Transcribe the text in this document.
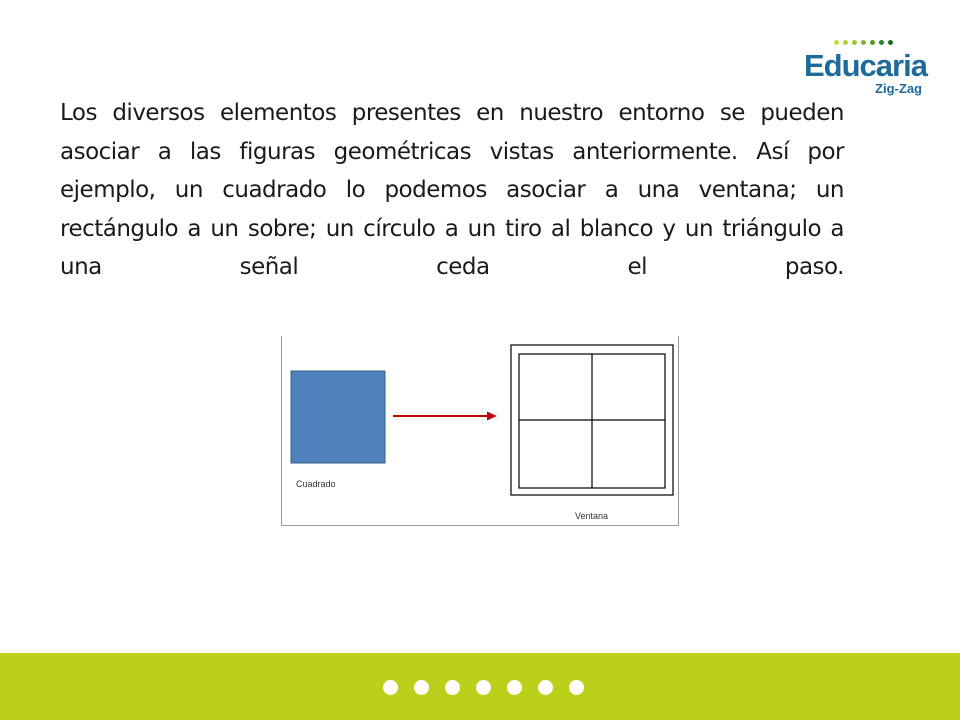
Educaria
Zig-Zag

Los diversos elementos presentes en nuestro entorno se pueden asociar a las figuras geométricas vistas anteriormente. Así por ejemplo, un cuadrado lo podemos asociar a una ventana; un rectángulo a un sobre; un círculo a un tiro al blanco y un triángulo a una señal ceda el paso.

Cuadrado
Ventana
